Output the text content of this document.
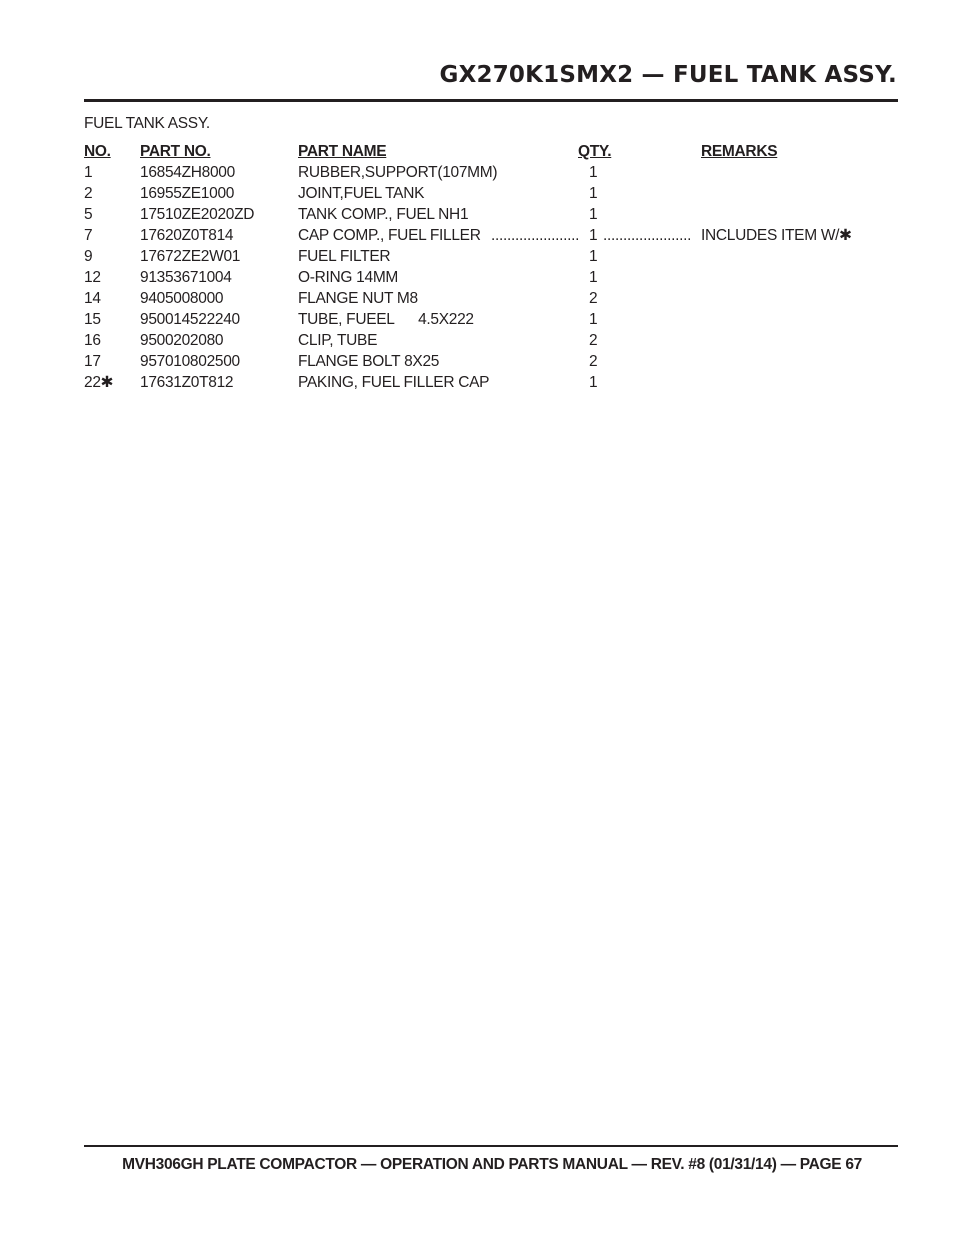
GX270K1SMX2 — FUEL TANK ASSY.
FUEL TANK ASSY.
NO. PART NO.	PART NAME	QTY.	REMARKS
1	16854ZH8000	RUBBER,SUPPORT(107MM)	1
2	16955ZE1000	JOINT,FUEL TANK	1
5	17510ZE2020ZD	TANK COMP., FUEL NH1	1
7	17620Z0T814	CAP COMP., FUEL FILLER ...................... 1 ...................... INCLUDES ITEM W/✱
9	17672ZE2W01	FUEL FILTER	1
12	91353671004	O-RING 14MM	1
14	9405008000	FLANGE NUT M8	2
15	950014522240	TUBE, FUEEL      4.5X222	1
16	9500202080	CLIP, TUBE	2
17	957010802500	FLANGE BOLT 8X25	2
22✱ 17631Z0T812	PAKING, FUEL FILLER CAP	1
MVH306GH PLATE COMPACTOR — OPERATION AND PARTS MANUAL — REV. #8 (01/31/14) — PAGE 67
